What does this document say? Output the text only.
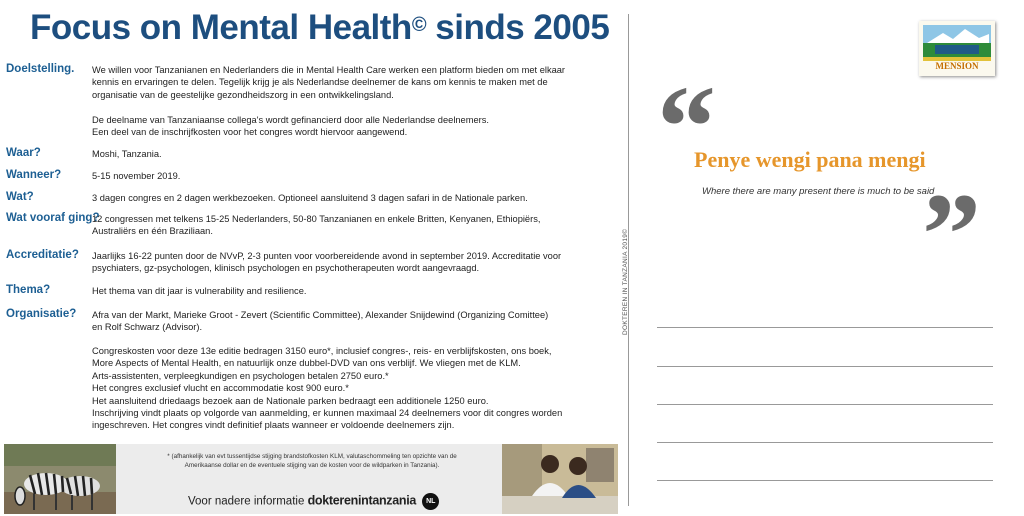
Focus on Mental Health© sinds 2005
Doelstelling. We willen voor Tanzanianen en Nederlanders die in Mental Health Care werken een platform bieden om met elkaar
kennis en ervaringen te delen. Tegelijk krijg je als Nederlandse deelnemer de kans om kennis te maken met de
organisatie van de geestelijke gezondheidszorg in een ontwikkelingsland.
De deelname van Tanzaniaanse collega's wordt gefinancierd door alle Nederlandse deelnemers.
Een deel van de inschrijfkosten voor het congres wordt hiervoor aangewend.
Waar?	Moshi, Tanzania.
Wanneer?	5-15 november 2019.
Wat?	3 dagen congres en 2 dagen werkbezoeken. Optioneel aansluitend 3 dagen safari in de Nationale parken.
Wat vooraf ging?
12 congressen met telkens 15-25 Nederlanders, 50-80 Tanzanianen en enkele Britten, Kenyanen, Ethiopiërs,
Australiërs en één Braziliaan.
Accreditatie? Jaarlijks 16-22 punten door de NVvP, 2-3 punten voor voorbereidende avond in september 2019. Accreditatie voor
psychiaters, gz-psychologen, klinisch psychologen en psychotherapeuten wordt aangevraagd.
Thema?	Het thema van dit jaar is vulnerability and resilience.
Organisatie? Afra van der Markt, Marieke Groot - Zevert (Scientific Committee), Alexander Snijdewind (Organizing Comittee)
en Rolf Schwarz (Advisor).
Congreskosten voor deze 13e editie bedragen 3150 euro*, inclusief congres-, reis- en verblijfskosten, ons boek,
More Aspects of Mental Health, en natuurlijk onze dubbel-DVD van ons verblijf. We vliegen met de KLM.
Arts-assistenten, verpleegkundigen en psychologen betalen 2750 euro.*
Het congres exclusief vlucht en accommodatie kost 900 euro.*
Het aansluitend driedaags bezoek aan de Nationale parken bedraagt een additionele 1250 euro.
Inschrijving vindt plaats op volgorde van aanmelding, er kunnen maximaal 24 deelnemers voor dit congres worden
ingeschreven. Het congres vindt definitief plaats wanneer er voldoende deelnemers zijn.
DOKTEREN IN TANZANIA 2019©
* (afhankelijk van evt tussentijdse stijging brandstofkosten KLM, valutaschommeling ten opzichte van de
Amerikaanse dollar en de eventuele stijging van de kosten voor de wildparken in Tanzania).
Voor nadere informatie dokterenintanzania NL
MENSION
“
Penye wengi pana mengi
Where there are many present there is much to be said
”
